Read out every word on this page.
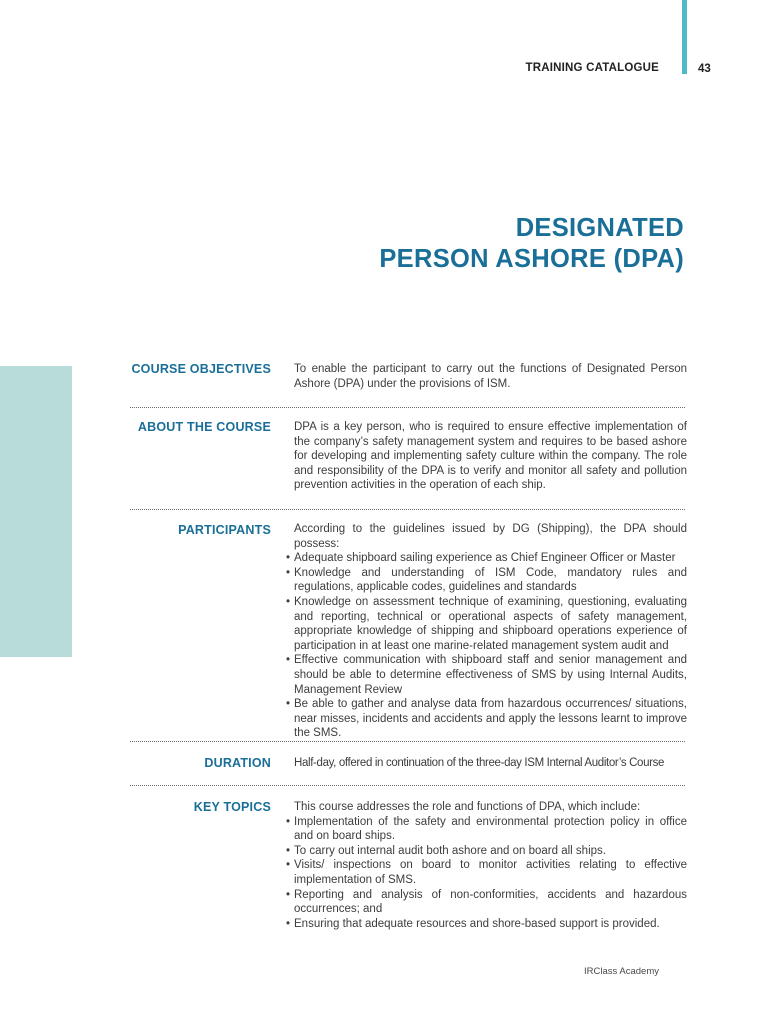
TRAINING CATALOGUE	43
DESIGNATED
PERSON ASHORE (DPA)
COURSE OBJECTIVES To enable the participant to carry out the functions of Designated Person Ashore (DPA) under the provisions of ISM.

ABOUT THE COURSE DPA is a key person, who is required to ensure effective implementation of the company’s safety management system and requires to be based ashore for developing and implementing safety culture within the company. The role and responsibility of the DPA is to verify and monitor all safety and pollution prevention activities in the operation of each ship.

PARTICIPANTS According to the guidelines issued by DG (Shipping), the DPA should possess:

• Adequate shipboard sailing experience as Chief Engineer Officer or Master
• Knowledge and understanding of ISM Code, mandatory rules and regulations, applicable codes, guidelines and standards
• Knowledge on assessment technique of examining, questioning, evaluating and reporting, technical or operational aspects of safety management, appropriate knowledge of shipping and shipboard operations experience of participation in at least one marine-related management system audit and
• Effective communication with shipboard staff and senior management and should be able to determine effectiveness of SMS by using Internal Audits, Management Review
• Be able to gather and analyse data from hazardous occurrences/ situations, near misses, incidents and accidents and apply the lessons learnt to improve the SMS.
DURATION Half-day, offered in continuation of the three-day ISM Internal Auditor’s Course

KEY TOPICS This course addresses the role and functions of DPA, which include:

• Implementation of the safety and environmental protection policy in office and on board ships.
• To carry out internal audit both ashore and on board all ships.
• Visits/ inspections on board to monitor activities relating to effective implementation of SMS.
• Reporting and analysis of non-conformities, accidents and hazardous occurrences; and
• Ensuring that adequate resources and shore-based support is provided.
IRClass Academy
